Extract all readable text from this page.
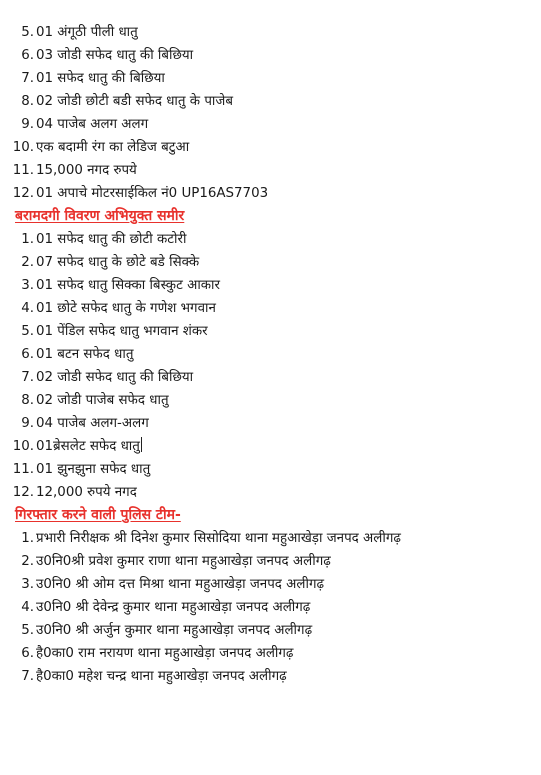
5. 01 अंगूठी पीली धातु
6. 03 जोडी सफेद धातु की बिछिया
7. 01 सफेद धातु की बिछिया
8. 02 जोडी छोटी बडी सफेद धातु के पाजेब
9. 04 पाजेब अलग अलग
10. एक बदामी रंग का लेडिज बटुआ
11. 15,000 नगद रुपये
12. 01 अपाचे मोटरसाईकिल नं0 UP16AS7703
बरामदगी विवरण अभियुक्त समीर
1. 01 सफेद धातु की छोटी कटोरी
2. 07 सफेद धातु के छोटे बडे सिक्के
3. 01 सफेद धातु सिक्का बिस्कुट आकार
4. 01 छोटे सफेद धातु के गणेश भगवान
5. 01 पेंडिल सफेद धातु भगवान शंकर
6. 01 बटन सफेद धातु
7. 02 जोडी सफेद धातु की बिछिया
8. 02 जोडी पाजेब सफेद धातु
9. 04 पाजेब अलग-अलग
10. 01ब्रेसलेट सफेद धातु
11. 01 झुनझुना सफेद धातु
12. 12,000 रुपये नगद
गिरफ्तार करने वाली पुलिस टीम-
1. प्रभारी निरीक्षक श्री दिनेश कुमार सिसोदिया थाना महुआखेड़ा जनपद अलीगढ़
2. उ0नि0श्री प्रवेश कुमार राणा थाना महुआखेड़ा जनपद अलीगढ़
3. उ0नि0 श्री ओम दत्त मिश्रा थाना महुआखेड़ा जनपद अलीगढ़
4. उ0नि0 श्री देवेन्द्र कुमार थाना महुआखेड़ा जनपद अलीगढ़
5. उ0नि0 श्री अर्जुन कुमार थाना महुआखेड़ा जनपद अलीगढ़
6. है0का0 राम नरायण थाना महुआखेड़ा जनपद अलीगढ़
7. है0का0 महेश चन्द्र थाना महुआखेड़ा जनपद अलीगढ़
